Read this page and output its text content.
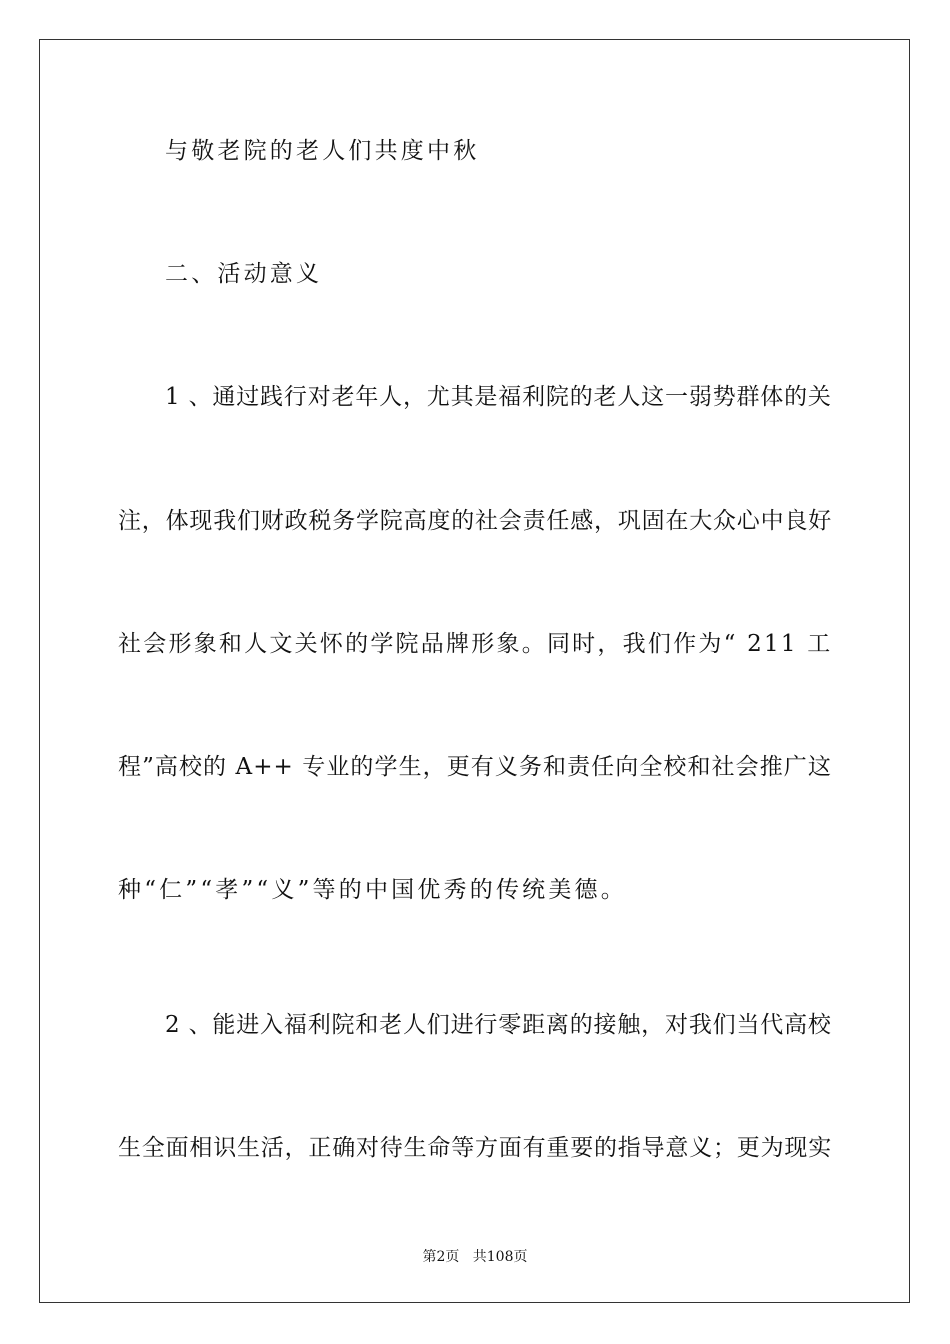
与敬老院的老人们共度中秋
二、活动意义
1 、通过践行对老年人，尤其是福利院的老人这一弱势群体的关
注，体现我们财政税务学院高度的社会责任感，巩固在大众心中良好
社会形象和人文关怀的学院品牌形象。同时，我们作为“ 211 工
程”高校的 A++ 专业的学生，更有义务和责任向全校和社会推广这
种“仁”“孝”“义”等的中国优秀的传统美德。
2 、能进入福利院和老人们进行零距离的接触，对我们当代高校
生全面相识生活，正确对待生命等方面有重要的指导意义；更为现实
第2页   共108页
